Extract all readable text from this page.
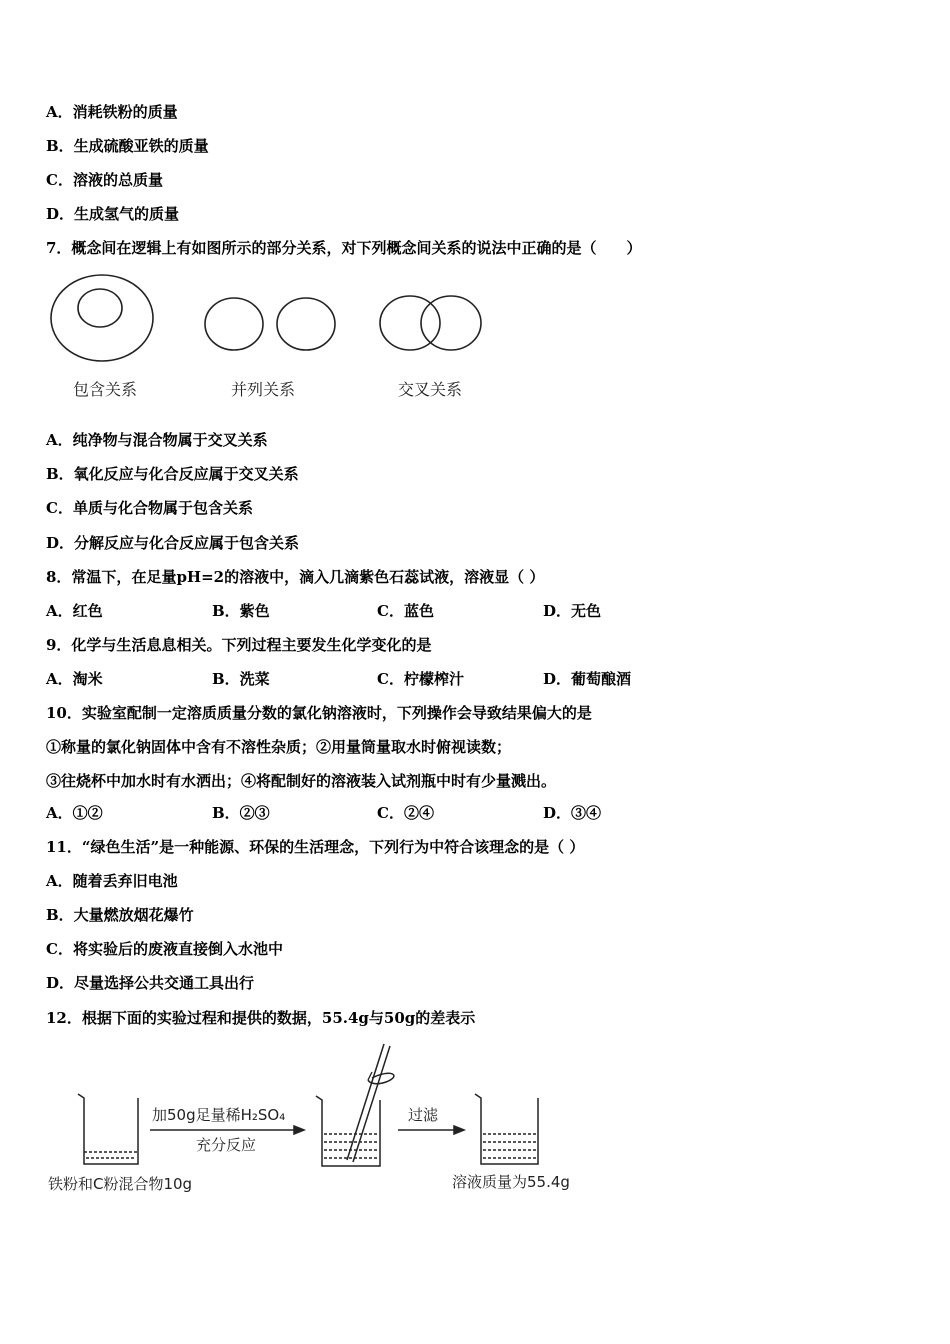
A．消耗铁粉的质量
B．生成硫酸亚铁的质量
C．溶液的总质量
D．生成氢气的质量
7．概念间在逻辑上有如图所示的部分关系，对下列概念间关系的说法中正确的是（　　）
包含关系	并列关系	交叉关系
A．纯净物与混合物属于交叉关系
B．氧化反应与化合反应属于交叉关系
C．单质与化合物属于包含关系
D．分解反应与化合反应属于包含关系
8．常温下，在足量pH=2的溶液中，滴入几滴紫色石蕊试液，溶液显（ ）
A．红色	B．紫色	C．蓝色	D．无色
9．化学与生活息息相关。下列过程主要发生化学变化的是
A．淘米	B．洗菜	C．柠檬榨汁	D．葡萄酿酒
10．实验室配制一定溶质质量分数的氯化钠溶液时，下列操作会导致结果偏大的是
①称量的氯化钠固体中含有不溶性杂质；②用量筒量取水时俯视读数；
③往烧杯中加水时有水洒出；④将配制好的溶液装入试剂瓶中时有少量溅出。
A．①②	B．②③	C．②④	D．③④
11．“绿色生活”是一种能源、环保的生活理念，下列行为中符合该理念的是（ ）
A．随着丢弃旧电池
B．大量燃放烟花爆竹
C．将实验后的废液直接倒入水池中
D．尽量选择公共交通工具出行
12．根据下面的实验过程和提供的数据，55.4g与50g的差表示
加50g足量稀H₂SO₄
充分反应
过滤
铁粉和C粉混合物10g	溶液质量为55.4g
